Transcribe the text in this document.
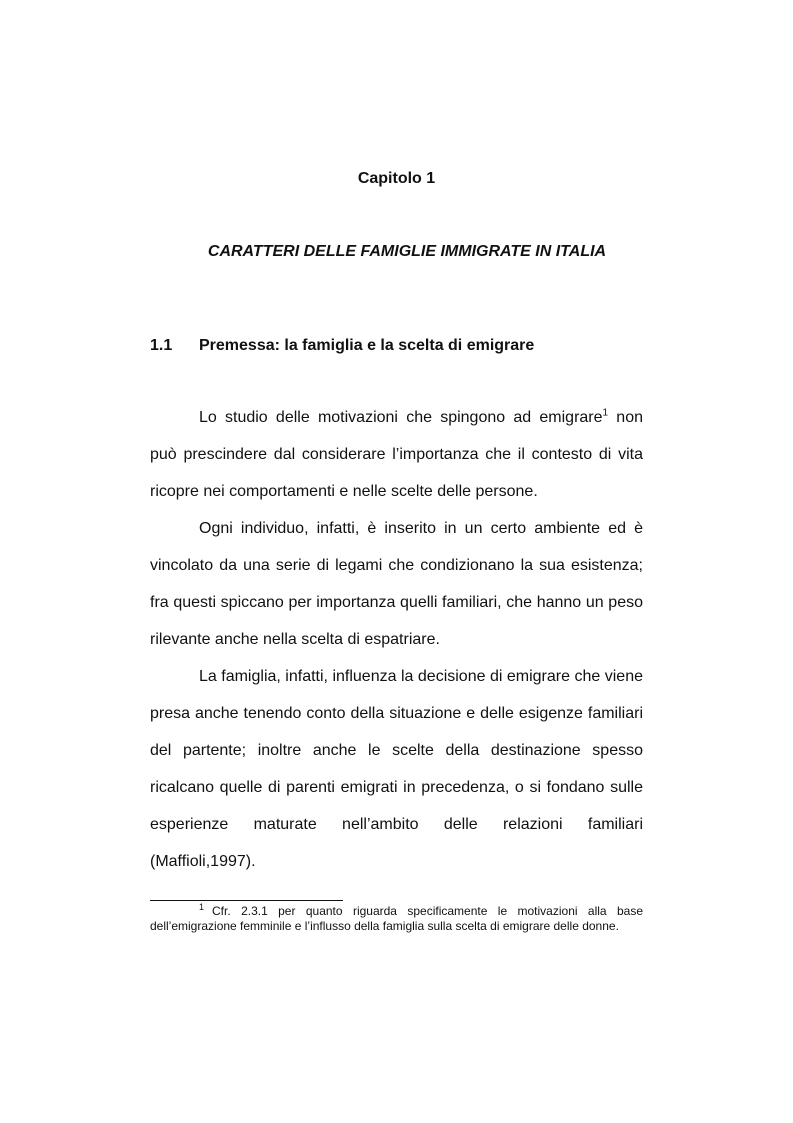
Capitolo 1
CARATTERI DELLE FAMIGLIE IMMIGRATE IN ITALIA
1.1 Premessa: la famiglia e la scelta di emigrare

Lo studio delle motivazioni che spingono ad emigrare$^1$ non può prescindere dal considerare l’importanza che il contesto di vita ricopre nei comportamenti e nelle scelte delle persone.

Ogni individuo, infatti, è inserito in un certo ambiente ed è vincolato da una serie di legami che condizionano la sua esistenza; fra questi spiccano per importanza quelli familiari, che hanno un peso rilevante anche nella scelta di espatriare.

La famiglia, infatti, influenza la decisione di emigrare che viene presa anche tenendo conto della situazione e delle esigenze familiari del partente; inoltre anche le scelte della destinazione spesso ricalcano quelle di parenti emigrati in precedenza, o si fondano sulle esperienze maturate nell’ambito delle relazioni familiari

(Maffioli,1997).
1 Cfr. 2.3.1 per quanto riguarda specificamente le motivazioni alla base dell’emigrazione femminile e l’influsso della famiglia sulla scelta di emigrare delle donne.
